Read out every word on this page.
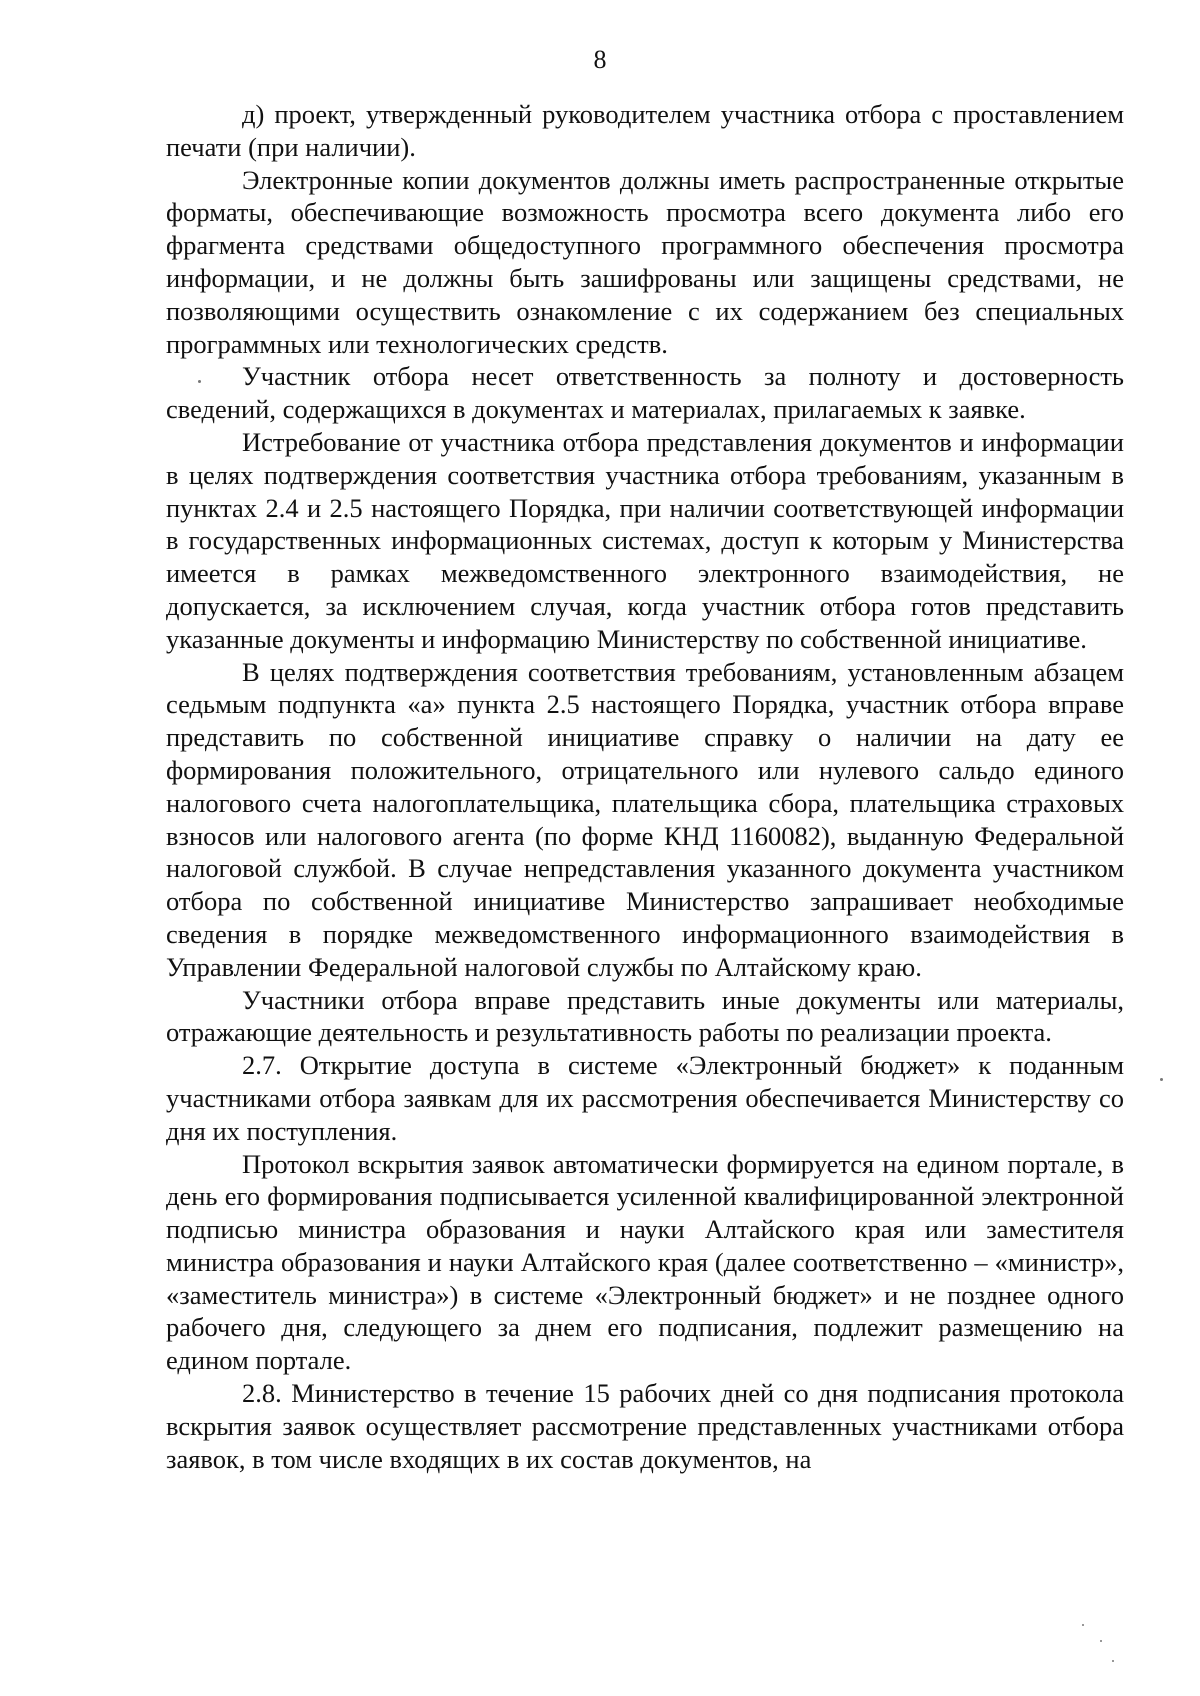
8

д) проект, утвержденный руководителем участника отбора с проставлением печати (при наличии).

Электронные копии документов должны иметь распространенные открытые форматы, обеспечивающие возможность просмотра всего документа либо его фрагмента средствами общедоступного программного обеспечения просмотра информации, и не должны быть зашифрованы или защищены средствами, не позволяющими осуществить ознакомление с их содержанием без специальных программных или технологических средств.

Участник отбора несет ответственность за полноту и достоверность сведений, содержащихся в документах и материалах, прилагаемых к заявке.

Истребование от участника отбора представления документов и информации в целях подтверждения соответствия участника отбора требованиям, указанным в пунктах 2.4 и 2.5 настоящего Порядка, при наличии соответствующей информации в государственных информационных системах, доступ к которым у Министерства имеется в рамках межведомственного электронного взаимодействия, не допускается, за исключением случая, когда участник отбора готов представить указанные документы и информацию Министерству по собственной инициативе.

В целях подтверждения соответствия требованиям, установленным абзацем седьмым подпункта «а» пункта 2.5 настоящего Порядка, участник отбора вправе представить по собственной инициативе справку о наличии на дату ее формирования положительного, отрицательного или нулевого сальдо единого налогового счета налогоплательщика, плательщика сбора, плательщика страховых взносов или налогового агента (по форме КНД 1160082), выданную Федеральной налоговой службой. В случае непредставления указанного документа участником отбора по собственной инициативе Министерство запрашивает необходимые сведения в порядке межведомственного информационного взаимодействия в Управлении Федеральной налоговой службы по Алтайскому краю.

Участники отбора вправе представить иные документы или материалы, отражающие деятельность и результативность работы по реализации проекта.

2.7. Открытие доступа в системе «Электронный бюджет» к поданным участниками отбора заявкам для их рассмотрения обеспечивается Министерству со дня их поступления.

Протокол вскрытия заявок автоматически формируется на едином портале, в день его формирования подписывается усиленной квалифицированной электронной подписью министра образования и науки Алтайского края или заместителя министра образования и науки Алтайского края (далее соответственно – «министр», «заместитель министра») в системе «Электронный бюджет» и не позднее одного рабочего дня, следующего за днем его подписания, подлежит размещению на едином портале.

2.8. Министерство в течение 15 рабочих дней со дня подписания протокола вскрытия заявок осуществляет рассмотрение представленных участниками отбора заявок, в том числе входящих в их состав документов, на
